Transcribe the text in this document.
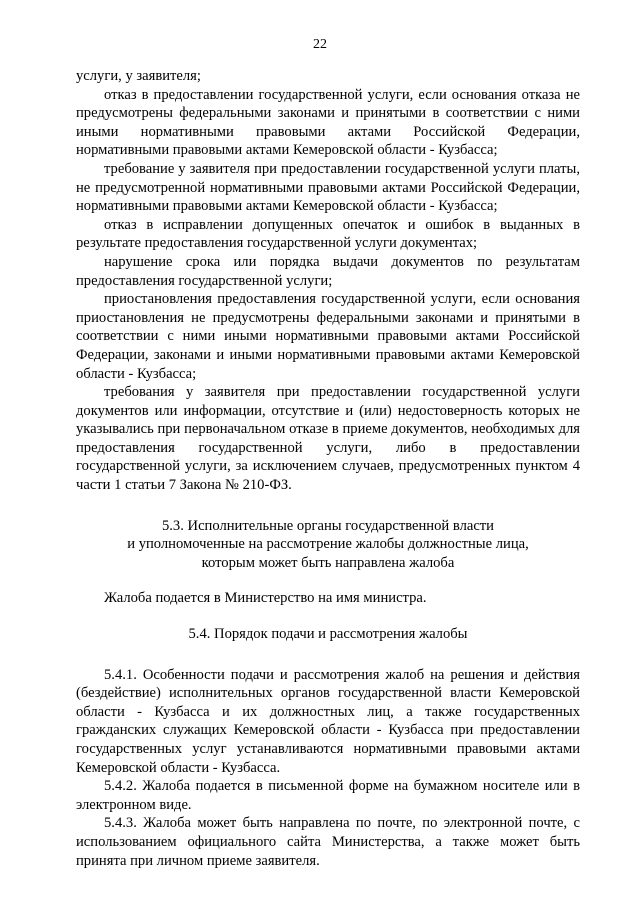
22

услуги, у заявителя;

отказ в предоставлении государственной услуги, если основания отказа не предусмотрены федеральными законами и принятыми в соответствии с ними иными нормативными правовыми актами Российской Федерации, нормативными правовыми актами Кемеровской области - Кузбасса;

требование у заявителя при предоставлении государственной услуги платы, не предусмотренной нормативными правовыми актами Российской Федерации, нормативными правовыми актами Кемеровской области - Кузбасса;

отказ в исправлении допущенных опечаток и ошибок в выданных в результате предоставления государственной услуги документах;

нарушение срока или порядка выдачи документов по результатам предоставления государственной услуги;

приостановления предоставления государственной услуги, если основания приостановления не предусмотрены федеральными законами и принятыми в соответствии с ними иными нормативными правовыми актами Российской Федерации, законами и иными нормативными правовыми актами Кемеровской области - Кузбасса;

требования у заявителя при предоставлении государственной услуги документов или информации, отсутствие и (или) недостоверность которых не указывались при первоначальном отказе в приеме документов, необходимых для предоставления государственной услуги, либо в предоставлении государственной услуги, за исключением случаев, предусмотренных пунктом 4 части 1 статьи 7 Закона № 210-ФЗ.

5.3. Исполнительные органы государственной власти

и уполномоченные на рассмотрение жалобы должностные лица,

которым может быть направлена жалоба

Жалоба подается в Министерство на имя министра.

5.4. Порядок подачи и рассмотрения жалобы

5.4.1. Особенности подачи и рассмотрения жалоб на решения и действия (бездействие) исполнительных органов государственной власти Кемеровской области - Кузбасса и их должностных лиц, а также государственных гражданских служащих Кемеровской области - Кузбасса при предоставлении государственных услуг устанавливаются нормативными правовыми актами Кемеровской области - Кузбасса.

5.4.2. Жалоба подается в письменной форме на бумажном носителе или в электронном виде.

5.4.3. Жалоба может быть направлена по почте, по электронной почте, с использованием официального сайта Министерства, а также может быть принята при личном приеме заявителя.
